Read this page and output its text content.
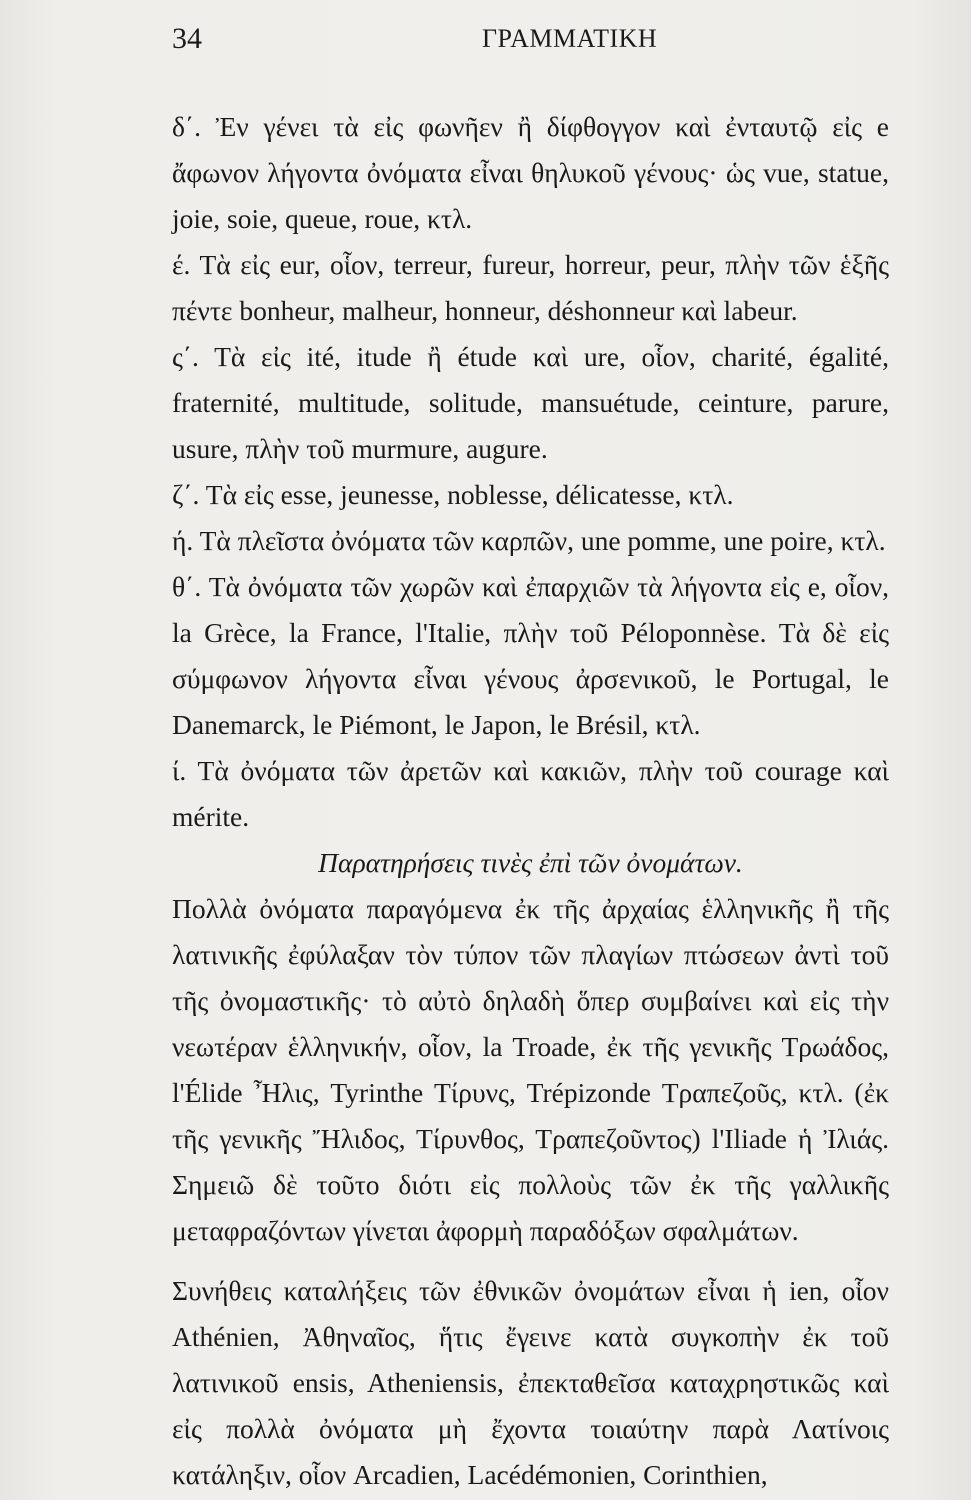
34	ΓΡΑΜΜΑΤΙΚΗ

δ΄. Ἐν γένει τὰ εἰς φωνῆεν ἢ δίφθογγον καὶ ἐνταυτῷ εἰς e ἄφωνον λήγοντα ὀνόματα εἶναι θηλυκοῦ γένους· ὡς vue, statue, joie, soie, queue, roue, κτλ.

έ. Τὰ εἰς eur, οἷον, terreur, fureur, horreur, peur, πλὴν τῶν ἑξῆς πέντε bonheur, malheur, honneur, déshonneur καὶ labeur.

ς΄. Τὰ εἰς ité, itude ἢ étude καὶ ure, οἷον, charité, égalité, fraternité, multitude, solitude, mansuétude, ceinture, parure, usure, πλὴν τοῦ murmure, augure.

ζ΄. Τὰ εἰς esse, jeunesse, noblesse, délicatesse, κτλ.

ή. Τὰ πλεῖστα ὀνόματα τῶν καρπῶν, une pomme, une poire, κτλ.

θ΄. Τὰ ὀνόματα τῶν χωρῶν καὶ ἐπαρχιῶν τὰ λήγοντα εἰς e, οἷον, la Grèce, la France, l'Italie, πλὴν τοῦ Péloponnèse. Τὰ δὲ εἰς σύμφωνον λήγοντα εἶναι γένους ἀρσενικοῦ, le Portugal, le Danemarck, le Piémont, le Japon, le Brésil, κτλ.

ί. Τὰ ὀνόματα τῶν ἀρετῶν καὶ κακιῶν, πλὴν τοῦ courage καὶ mérite.

Παρατηρήσεις τινὲς ἐπὶ τῶν ὀνομάτων.

Πολλὰ ὀνόματα παραγόμενα ἐκ τῆς ἀρχαίας ἑλληνικῆς ἢ τῆς λατινικῆς ἐφύλαξαν τὸν τύπον τῶν πλαγίων πτώσεων ἀντὶ τοῦ τῆς ὀνομαστικῆς· τὸ αὐτὸ δηλαδὴ ὅπερ συμβαίνει καὶ εἰς τὴν νεωτέραν ἑλληνικήν, οἷον, la Troade, ἐκ τῆς γενικῆς Τρωάδος, l'Élide Ἦλις, Tyrinthe Τίρυνς, Trépizonde Τραπεζοῦς, κτλ. (ἐκ τῆς γενικῆς Ἤλιδος, Τίρυνθος, Τραπεζοῦντος) l'Iliade ἡ Ἰλιάς. Σημειῶ δὲ τοῦτο διότι εἰς πολλοὺς τῶν ἐκ τῆς γαλλικῆς μεταφραζόντων γίνεται ἀφορμὴ παραδόξων σφαλμάτων.

Συνήθεις καταλήξεις τῶν ἐθνικῶν ὀνομάτων εἶναι ἡ ien, οἷον Athénien, Ἀθηναῖος, ἥτις ἔγεινε κατὰ συγκοπὴν ἐκ τοῦ λατινικοῦ ensis, Atheniensis, ἐπεκταθεῖσα καταχρηστικῶς καὶ εἰς πολλὰ ὀνόματα μὴ ἔχοντα τοιαύτην παρὰ Λατίνοις κατάληξιν, οἷον Arcadien, Lacédémonien, Corinthien,
